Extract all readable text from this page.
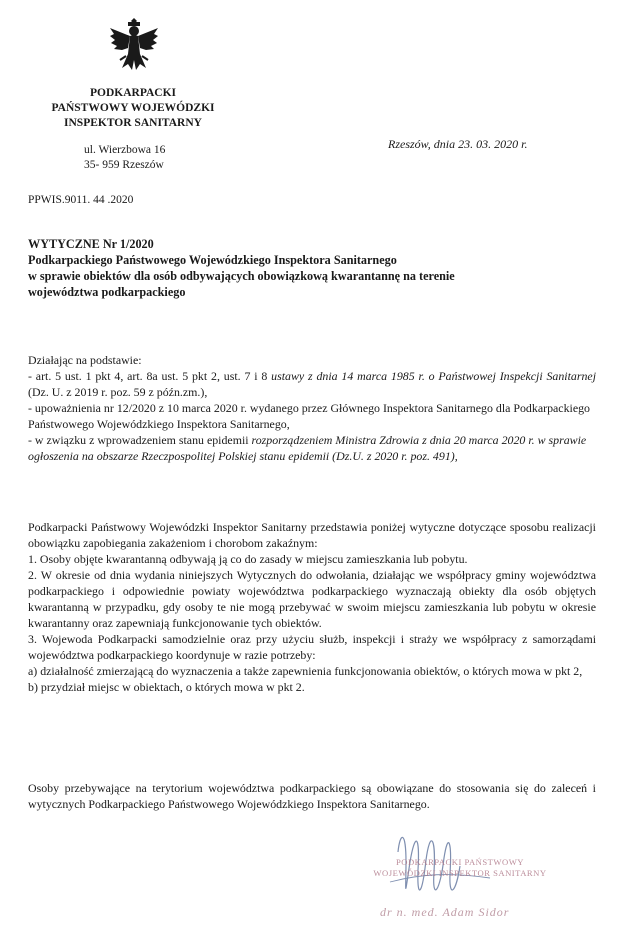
PODKARPACKI
PAŃSTWOWY WOJEWÓDZKI
INSPEKTOR SANITARNY
ul. Wierzbowa 16
35- 959 Rzeszów
Rzeszów, dnia 23. 03. 2020 r.
PPWIS.9011. 44 .2020
WYTYCZNE Nr 1/2020
Podkarpackiego Państwowego Wojewódzkiego Inspektora Sanitarnego
w sprawie obiektów dla osób odbywających obowiązkową kwarantannę na terenie
województwa podkarpackiego

Działając na podstawie:

- art. 5 ust. 1 pkt 4, art. 8a ust. 5 pkt 2, ust. 7 i 8 ustawy z dnia 14 marca 1985 r. o Państwowej Inspekcji Sanitarnej (Dz. U. z 2019 r. poz. 59 z późn.zm.),

- upoważnienia nr 12/2020 z 10 marca 2020 r. wydanego przez Głównego Inspektora Sanitarnego dla Podkarpackiego Państwowego Wojewódzkiego Inspektora Sanitarnego,

- w związku z wprowadzeniem stanu epidemii rozporządzeniem Ministra Zdrowia z dnia 20 marca 2020 r. w sprawie ogłoszenia na obszarze Rzeczpospolitej Polskiej stanu epidemii (Dz.U. z 2020 r. poz. 491),

Podkarpacki Państwowy Wojewódzki Inspektor Sanitarny przedstawia poniżej wytyczne dotyczące sposobu realizacji obowiązku zapobiegania zakażeniom i chorobom zakaźnym:

1. Osoby objęte kwarantanną odbywają ją co do zasady w miejscu zamieszkania lub pobytu.

2. W okresie od dnia wydania niniejszych Wytycznych do odwołania, działając we współpracy gminy województwa podkarpackiego i odpowiednie powiaty województwa podkarpackiego wyznaczają obiekty dla osób objętych kwarantanną w przypadku, gdy osoby te nie mogą przebywać w swoim miejscu zamieszkania lub pobytu w okresie kwarantanny oraz zapewniają funkcjonowanie tych obiektów.

3. Wojewoda Podkarpacki samodzielnie oraz przy użyciu służb, inspekcji i straży we współpracy z samorządami województwa podkarpackiego koordynuje w razie potrzeby:

a) działalność zmierzającą do wyznaczenia a także zapewnienia funkcjonowania obiektów, o których mowa w pkt 2,

b) przydział miejsc w obiektach, o których mowa w pkt 2.

Osoby przebywające na terytorium województwa podkarpackiego są obowiązane do stosowania się do zaleceń i wytycznych Podkarpackiego Państwowego Wojewódzkiego Inspektora Sanitarnego.
PODKARPACKI PAŃSTWOWY
WOJEWÓDZKI INSPEKTOR SANITARNY
dr n. med. Adam Sidor
